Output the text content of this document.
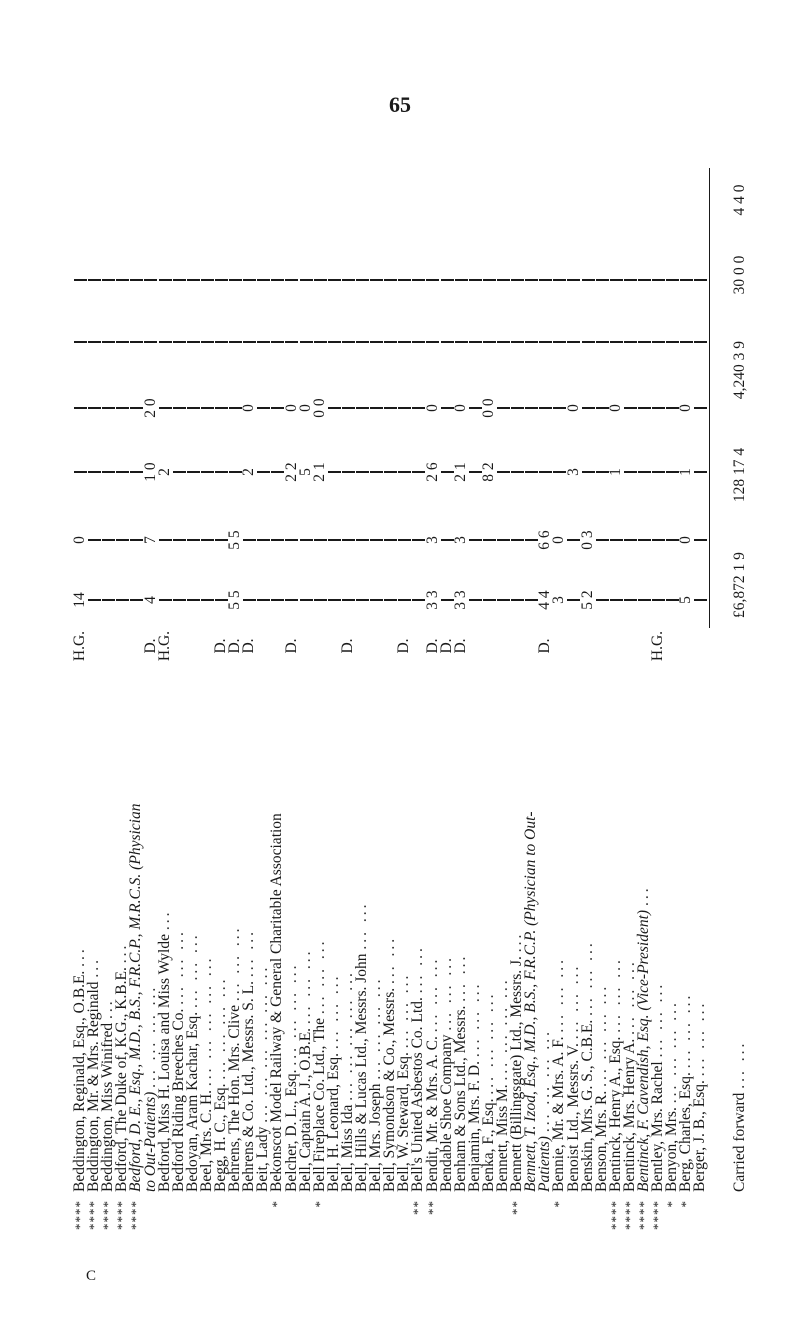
65
C
****
Beddington, Reginald, Esq., O.B.E. ...
H.G.
14
0
****
Beddington, Mr. & Mrs. Reginald ...
****
Beddington, Miss Winifred ...
****
Bedford, The Duke of, K.G., K.B.E. ...
****
Bedford, D. E., Esq., M.D., B.S., F.R.C.P., M.R.C.S. (Physician
to Out-Patients) ... ... ... ...
D.
4
7
1 0
2 0
Bedford, Miss H. Louisa and Miss Wylde ...
H.G.
2
Bedford Riding Breeches Co. ... ... ...
Bedoyan, Aram Kachar, Esq. ... ... ...
Beel, Mrs. C. H. ... ... ... ... ...
Begg, H. C., Esq. ... ... ... ...
D.
Behrens, The Hon. Mrs. Clive ... ... ...
D.
5 5
5 5
Behrens & Co. Ltd., Messrs. S. L. ... ...
D.
2
0
Beit, Lady ... ... ... ... ... ...
*
Bekonscot Model Railway & General Charitable Association
Belcher, D. L., Esq. ... ... ... ...
D.
2 2
0
Bell, Captain A. J., O.B.E. ... ... ...
5
0
*
Bell Fireplace Co. Ltd., The ... ... ...
2 1
0 0
Bell, H. Leonard, Esq. ... ... ...
Bell, Miss Ida ... ... ... ... ...
D.
Bell, Hills & Lucas Ltd., Messrs. John ... ...
Bell, Mrs. Joseph ... ... ... ...
Bell, Symondson & Co., Messrs. ... ...
Bell, W. Steward, Esq. ... ... ...
D.
**
Bell's United Asbestos Co. Ltd. ... ...
**
Bendit, Mr. & Mrs. A. C. ... ... ...
D.
3 3
3
2 6
0
Bendable Shoe Company ... ... ...
D.
Benham & Sons Ltd., Messrs. ... ...
D.
3 3
3
2 1
0
Benjamin, Mrs. F. D. ... ... ...
Benka, F., Esq. ... ... ... ...
8 2
0 0
Bennett, Miss M. ... ... ... ...
**
Bennett (Billingsgate) Ltd., Messrs. J. ...
Bennett, T. Izod, Esq., M.D., B.S., F.R.C.P. (Physician to Out-
Patients) ... ... ... ...
D.
4 4
6 6
*
Bennie, Mr. & Mrs. A. F. ... ... ...
3
0
Benoist Ltd., Messrs. V. ... ... ...
3
0
Benskin, Mrs. G. S., C.B.E. ... ... ...
5 2
0 3
Benson, Mrs. R. ... ... ... ...
****
Bentinck, Henry A., Esq. ... ... ...
1
0
****
Bentinck, Mrs. Henry A. ... ... ...
****
Bentinck, F. Cavendish, Esq. (Vice-President) ...
****
Bentley, Mrs. Rachel ... ... ...
H.G.
*
Benyon, Mrs. ... ... ... ...
*
Berg, Charles, Esq. ... ... ...
5
0
1
0
Berger, J. B., Esq. ... ... ...
Carried forward ... ...
£6,872 1 9
128 17 4
4,240 3 9
30 0 0
4 4 0
